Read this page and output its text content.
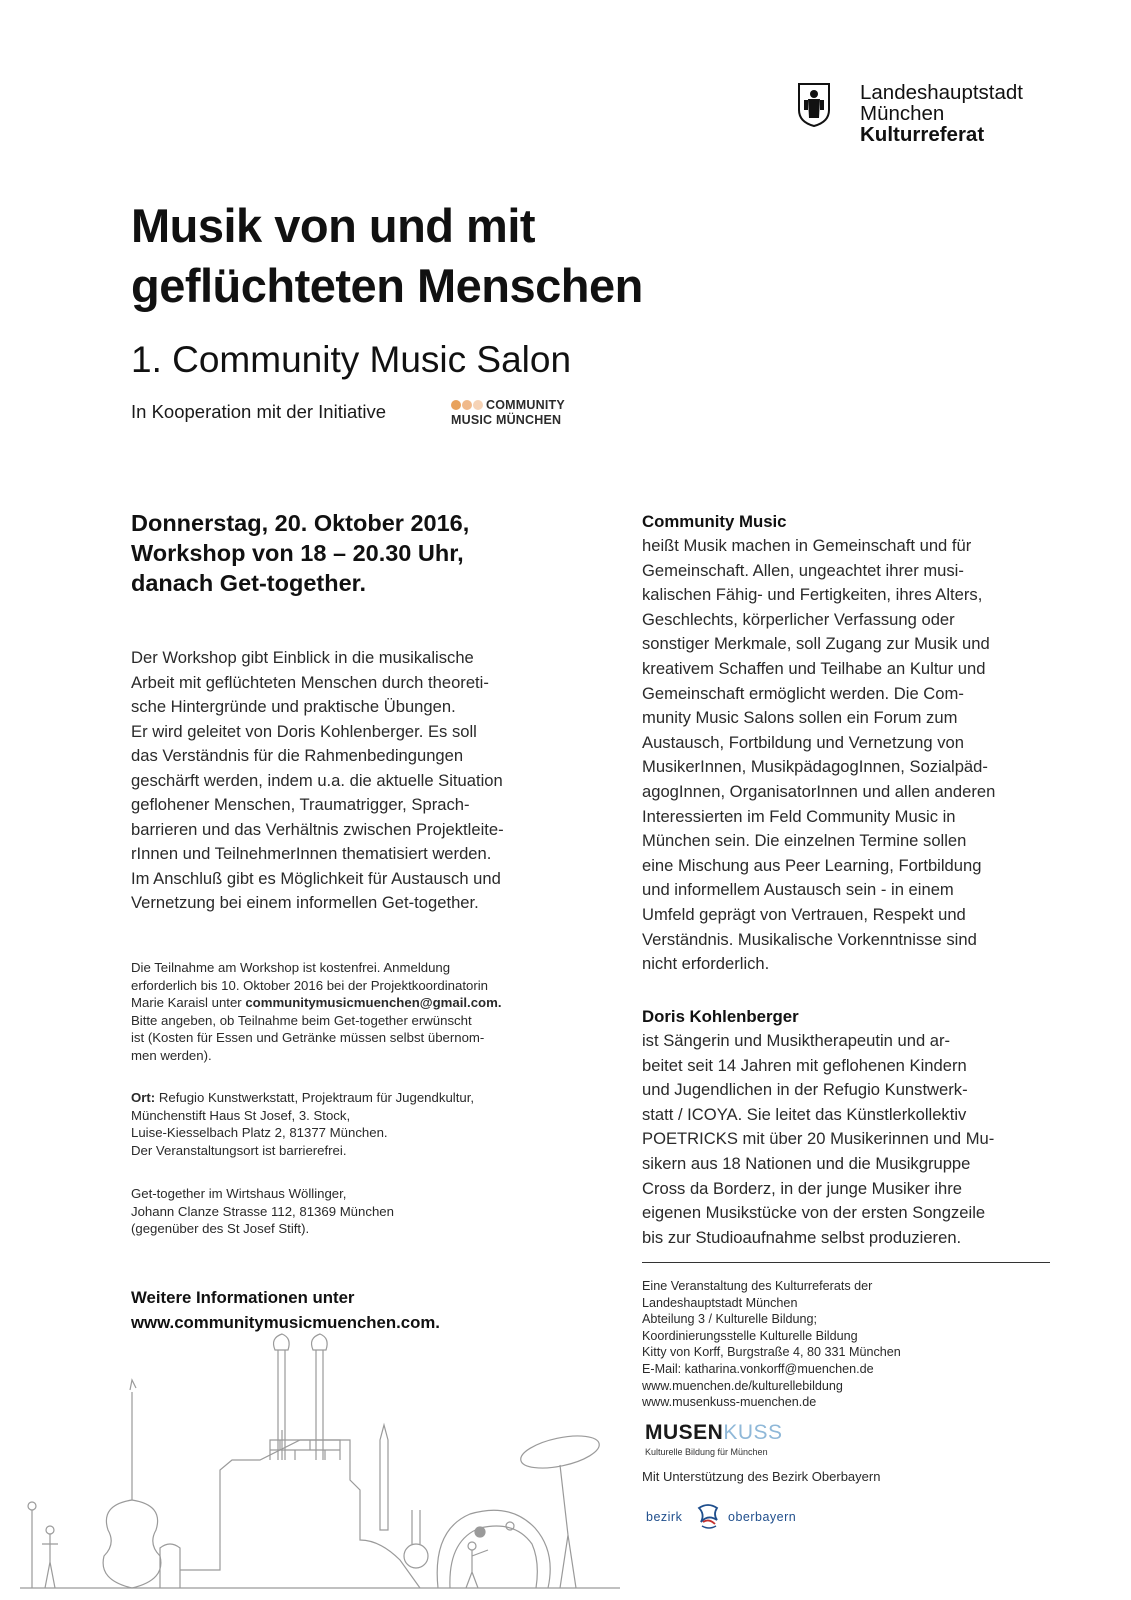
Landeshauptstadt
München
Kulturreferat
Musik von und mit
geflüchteten Menschen
1. Community Music Salon
In Kooperation mit der Initiative	COMMUNITY
MUSIC MÜNCHEN
Donnerstag, 20. Oktober 2016,
Workshop von 18 – 20.30 Uhr,
danach Get-together.

Der Workshop gibt Einblick in die musikalische

Arbeit mit geflüchteten Menschen durch theoreti-

sche Hintergründe und praktische Übungen.

Er wird geleitet von Doris Kohlenberger. Es soll

das Verständnis für die Rahmenbedingungen

geschärft werden, indem u.a. die aktuelle Situation

geflohener Menschen, Traumatrigger, Sprach-

barrieren und das Verhältnis zwischen Projektleite-

rInnen und TeilnehmerInnen thematisiert werden.

Im Anschluß gibt es Möglichkeit für Austausch und

Vernetzung bei einem informellen Get-together.

Die Teilnahme am Workshop ist kostenfrei. Anmeldung

erforderlich bis 10. Oktober 2016 bei der Projektkoordinatorin

Marie Karaisl unter communitymusicmuenchen@gmail.com.

Bitte angeben, ob Teilnahme beim Get-together erwünscht

ist (Kosten für Essen und Getränke müssen selbst übernom-

men werden).

Ort: Refugio Kunstwerkstatt, Projektraum für Jugendkultur,

Münchenstift Haus St Josef, 3. Stock,

Luise-Kiesselbach Platz 2, 81377 München.

Der Veranstaltungsort ist barrierefrei.

Get-together im Wirtshaus Wöllinger,

Johann Clanze Strasse 112, 81369 München

(gegenüber des St Josef Stift).

Weitere Informationen unter
www.communitymusicmuenchen.com.
Community Music
heißt Musik machen in Gemeinschaft und für
Gemeinschaft. Allen, ungeachtet ihrer musi-
kalischen Fähig- und Fertigkeiten, ihres Alters,
Geschlechts, körperlicher Verfassung oder
sonstiger Merkmale, soll Zugang zur Musik und
kreativem Schaffen und Teilhabe an Kultur und
Gemeinschaft ermöglicht werden. Die Com-
munity Music Salons sollen ein Forum zum
Austausch, Fortbildung und Vernetzung von
MusikerInnen, MusikpädagogInnen, Sozialpäd-
agogInnen, OrganisatorInnen und allen anderen
Interessierten im Feld Community Music in
München sein. Die einzelnen Termine sollen
eine Mischung aus Peer Learning, Fortbildung
und informellem Austausch sein - in einem
Umfeld geprägt von Vertrauen, Respekt und
Verständnis. Musikalische Vorkenntnisse sind
nicht erforderlich.
Doris Kohlenberger
ist Sängerin und Musiktherapeutin und ar-
beitet seit 14 Jahren mit geflohenen Kindern
und Jugendlichen in der Refugio Kunstwerk-
statt / ICOYA. Sie leitet das Künstlerkollektiv
POETRICKS mit über 20 Musikerinnen und Mu-
sikern aus 18 Nationen und die Musikgruppe
Cross da Borderz, in der junge Musiker ihre
eigenen Musikstücke von der ersten Songzeile
bis zur Studioaufnahme selbst produzieren.

Eine Veranstaltung des Kulturreferats der

Landeshauptstadt München

Abteilung 3 / Kulturelle Bildung;

Koordinierungsstelle Kulturelle Bildung

Kitty von Korff, Burgstraße 4, 80 331 München

E-Mail: katharina.vonkorff@muenchen.de

www.muenchen.de/kulturellebildung

www.musenkuss-muenchen.de

MUSENKUSS
Kulturelle Bildung für München
Mit Unterstützung des Bezirk Oberbayern
bezirk	oberbayern
